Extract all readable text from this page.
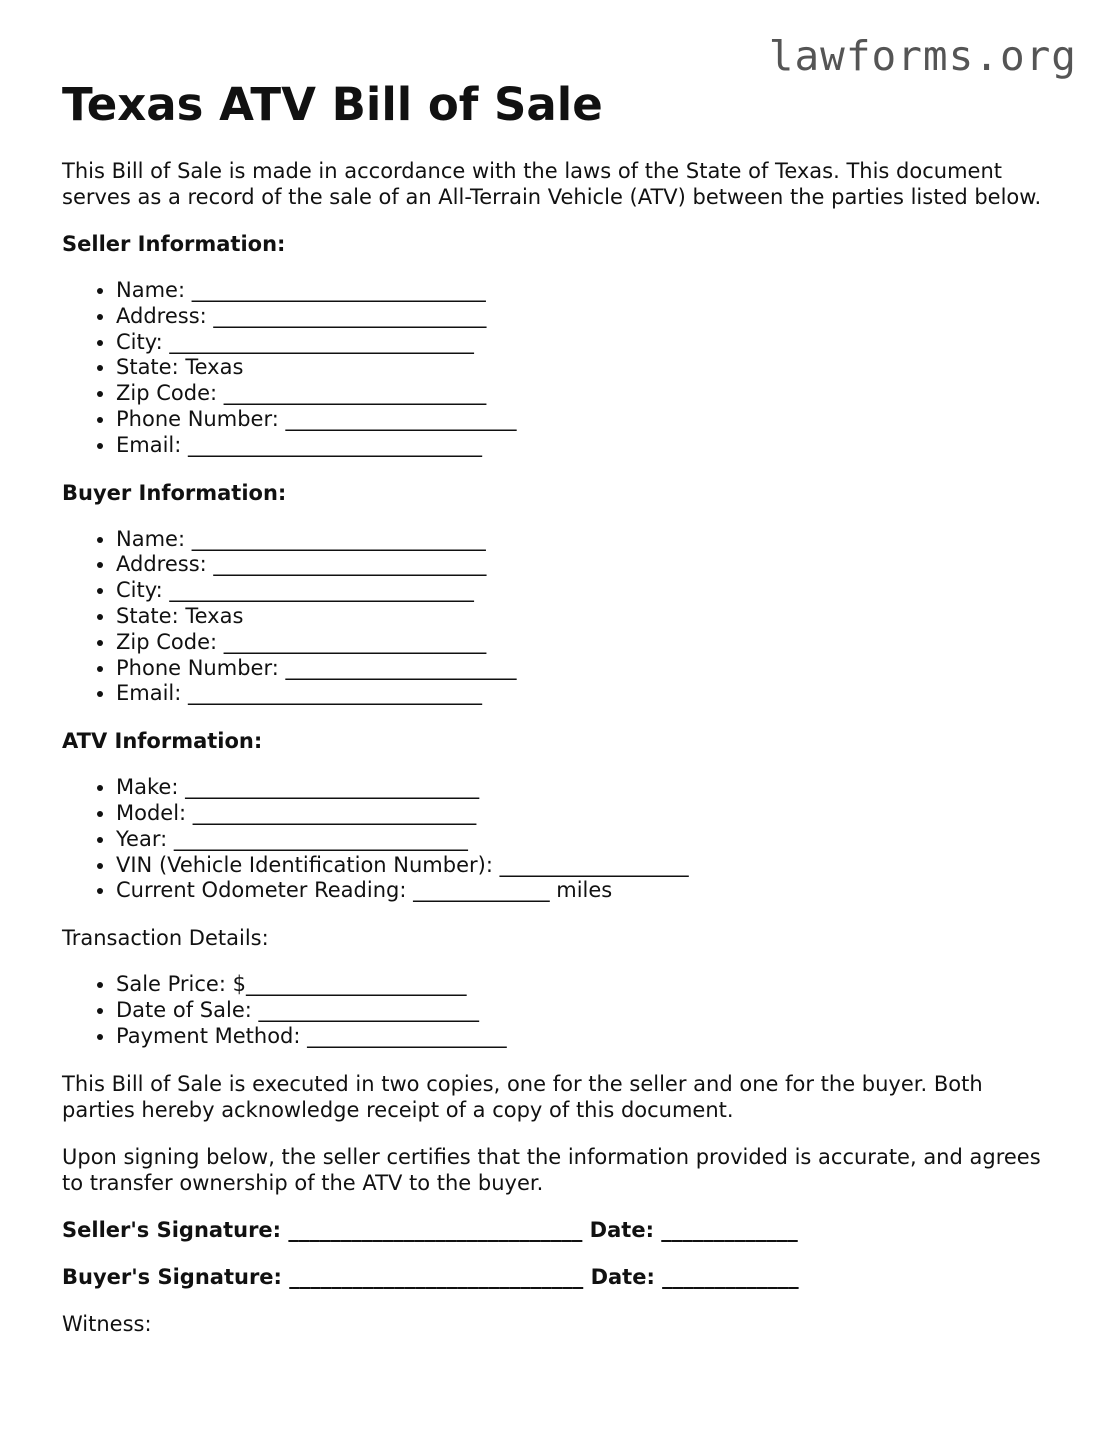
lawforms.org
Texas ATV Bill of Sale

This Bill of Sale is made in accordance with the laws of the State of Texas. This document serves as a record of the sale of an All-Terrain Vehicle (ATV) between the parties listed below.

Seller Information:
• Name: ____________________________
• Address: __________________________
• City: _____________________________
• State: Texas
• Zip Code: _________________________
• Phone Number: ______________________
• Email: ____________________________
Buyer Information:
• Name: ____________________________
• Address: __________________________
• City: _____________________________
• State: Texas
• Zip Code: _________________________
• Phone Number: ______________________
• Email: ____________________________
ATV Information:
• Make: ____________________________
• Model: ___________________________
• Year: ____________________________
• VIN (Vehicle Identification Number): __________________
• Current Odometer Reading: _____________ miles
Transaction Details:
• Sale Price: $_____________________
• Date of Sale: _____________________
• Payment Method: ___________________

This Bill of Sale is executed in two copies, one for the seller and one for the buyer. Both parties hereby acknowledge receipt of a copy of this document.

Upon signing below, the seller certifies that the information provided is accurate, and agrees to transfer ownership of the ATV to the buyer.

Seller's Signature: ____________________________ Date: _____________
Buyer's Signature: ____________________________ Date: _____________

Witness:
